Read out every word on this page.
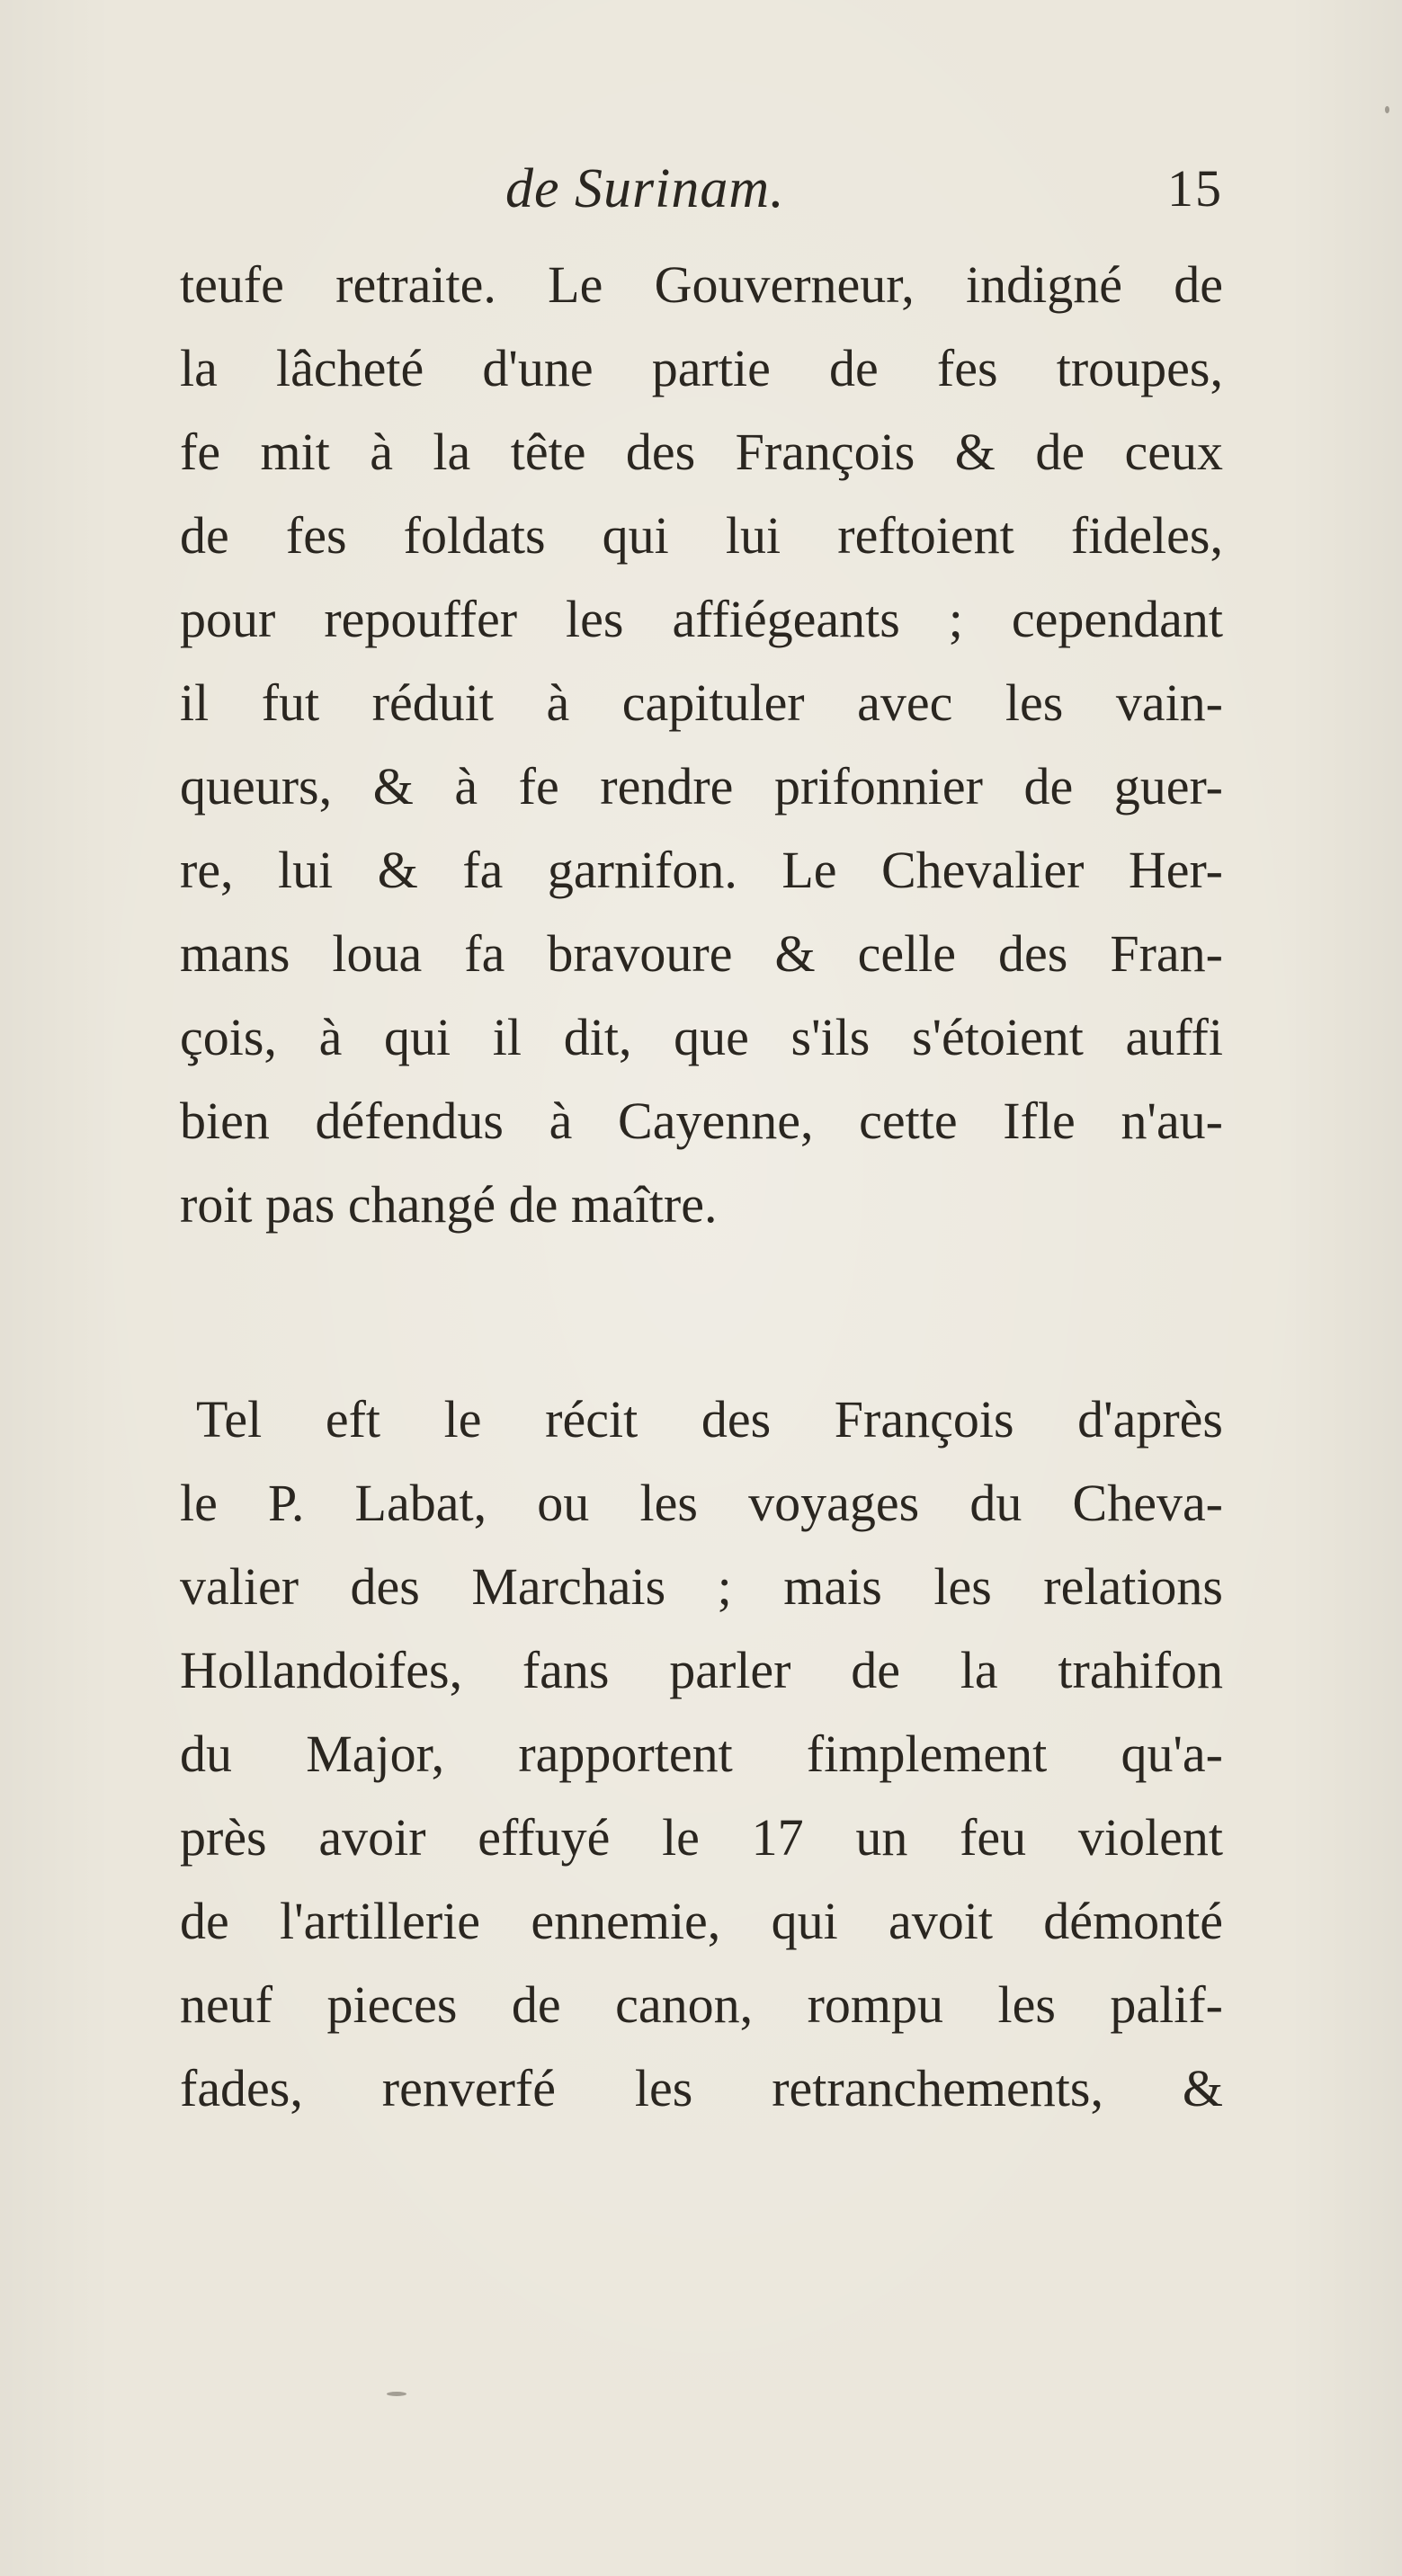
de Surinam.	15
teufe retraite. Le Gouverneur, indigné de
la lâcheté d'une partie de fes troupes,
fe mit à la tête des François & de ceux
de fes foldats qui lui reftoient fideles,
pour repouffer les affiégeants ; cependant
il fut réduit à capituler avec les vain-
queurs, & à fe rendre prifonnier de guer-
re, lui & fa garnifon. Le Chevalier Her-
mans loua fa bravoure & celle des Fran-
çois, à qui il dit, que s'ils s'étoient auffi
bien défendus à Cayenne, cette Ifle n'au-
roit pas changé de maître.
Tel eft le récit des François d'après
le P. Labat, ou les voyages du Cheva-
valier des Marchais ; mais les relations
Hollandoifes, fans parler de la trahifon
du Major, rapportent fimplement qu'a-
près avoir effuyé le 17 un feu violent
de l'artillerie ennemie, qui avoit démonté
neuf pieces de canon, rompu les palif-
fades, renverfé les retranchements, &
